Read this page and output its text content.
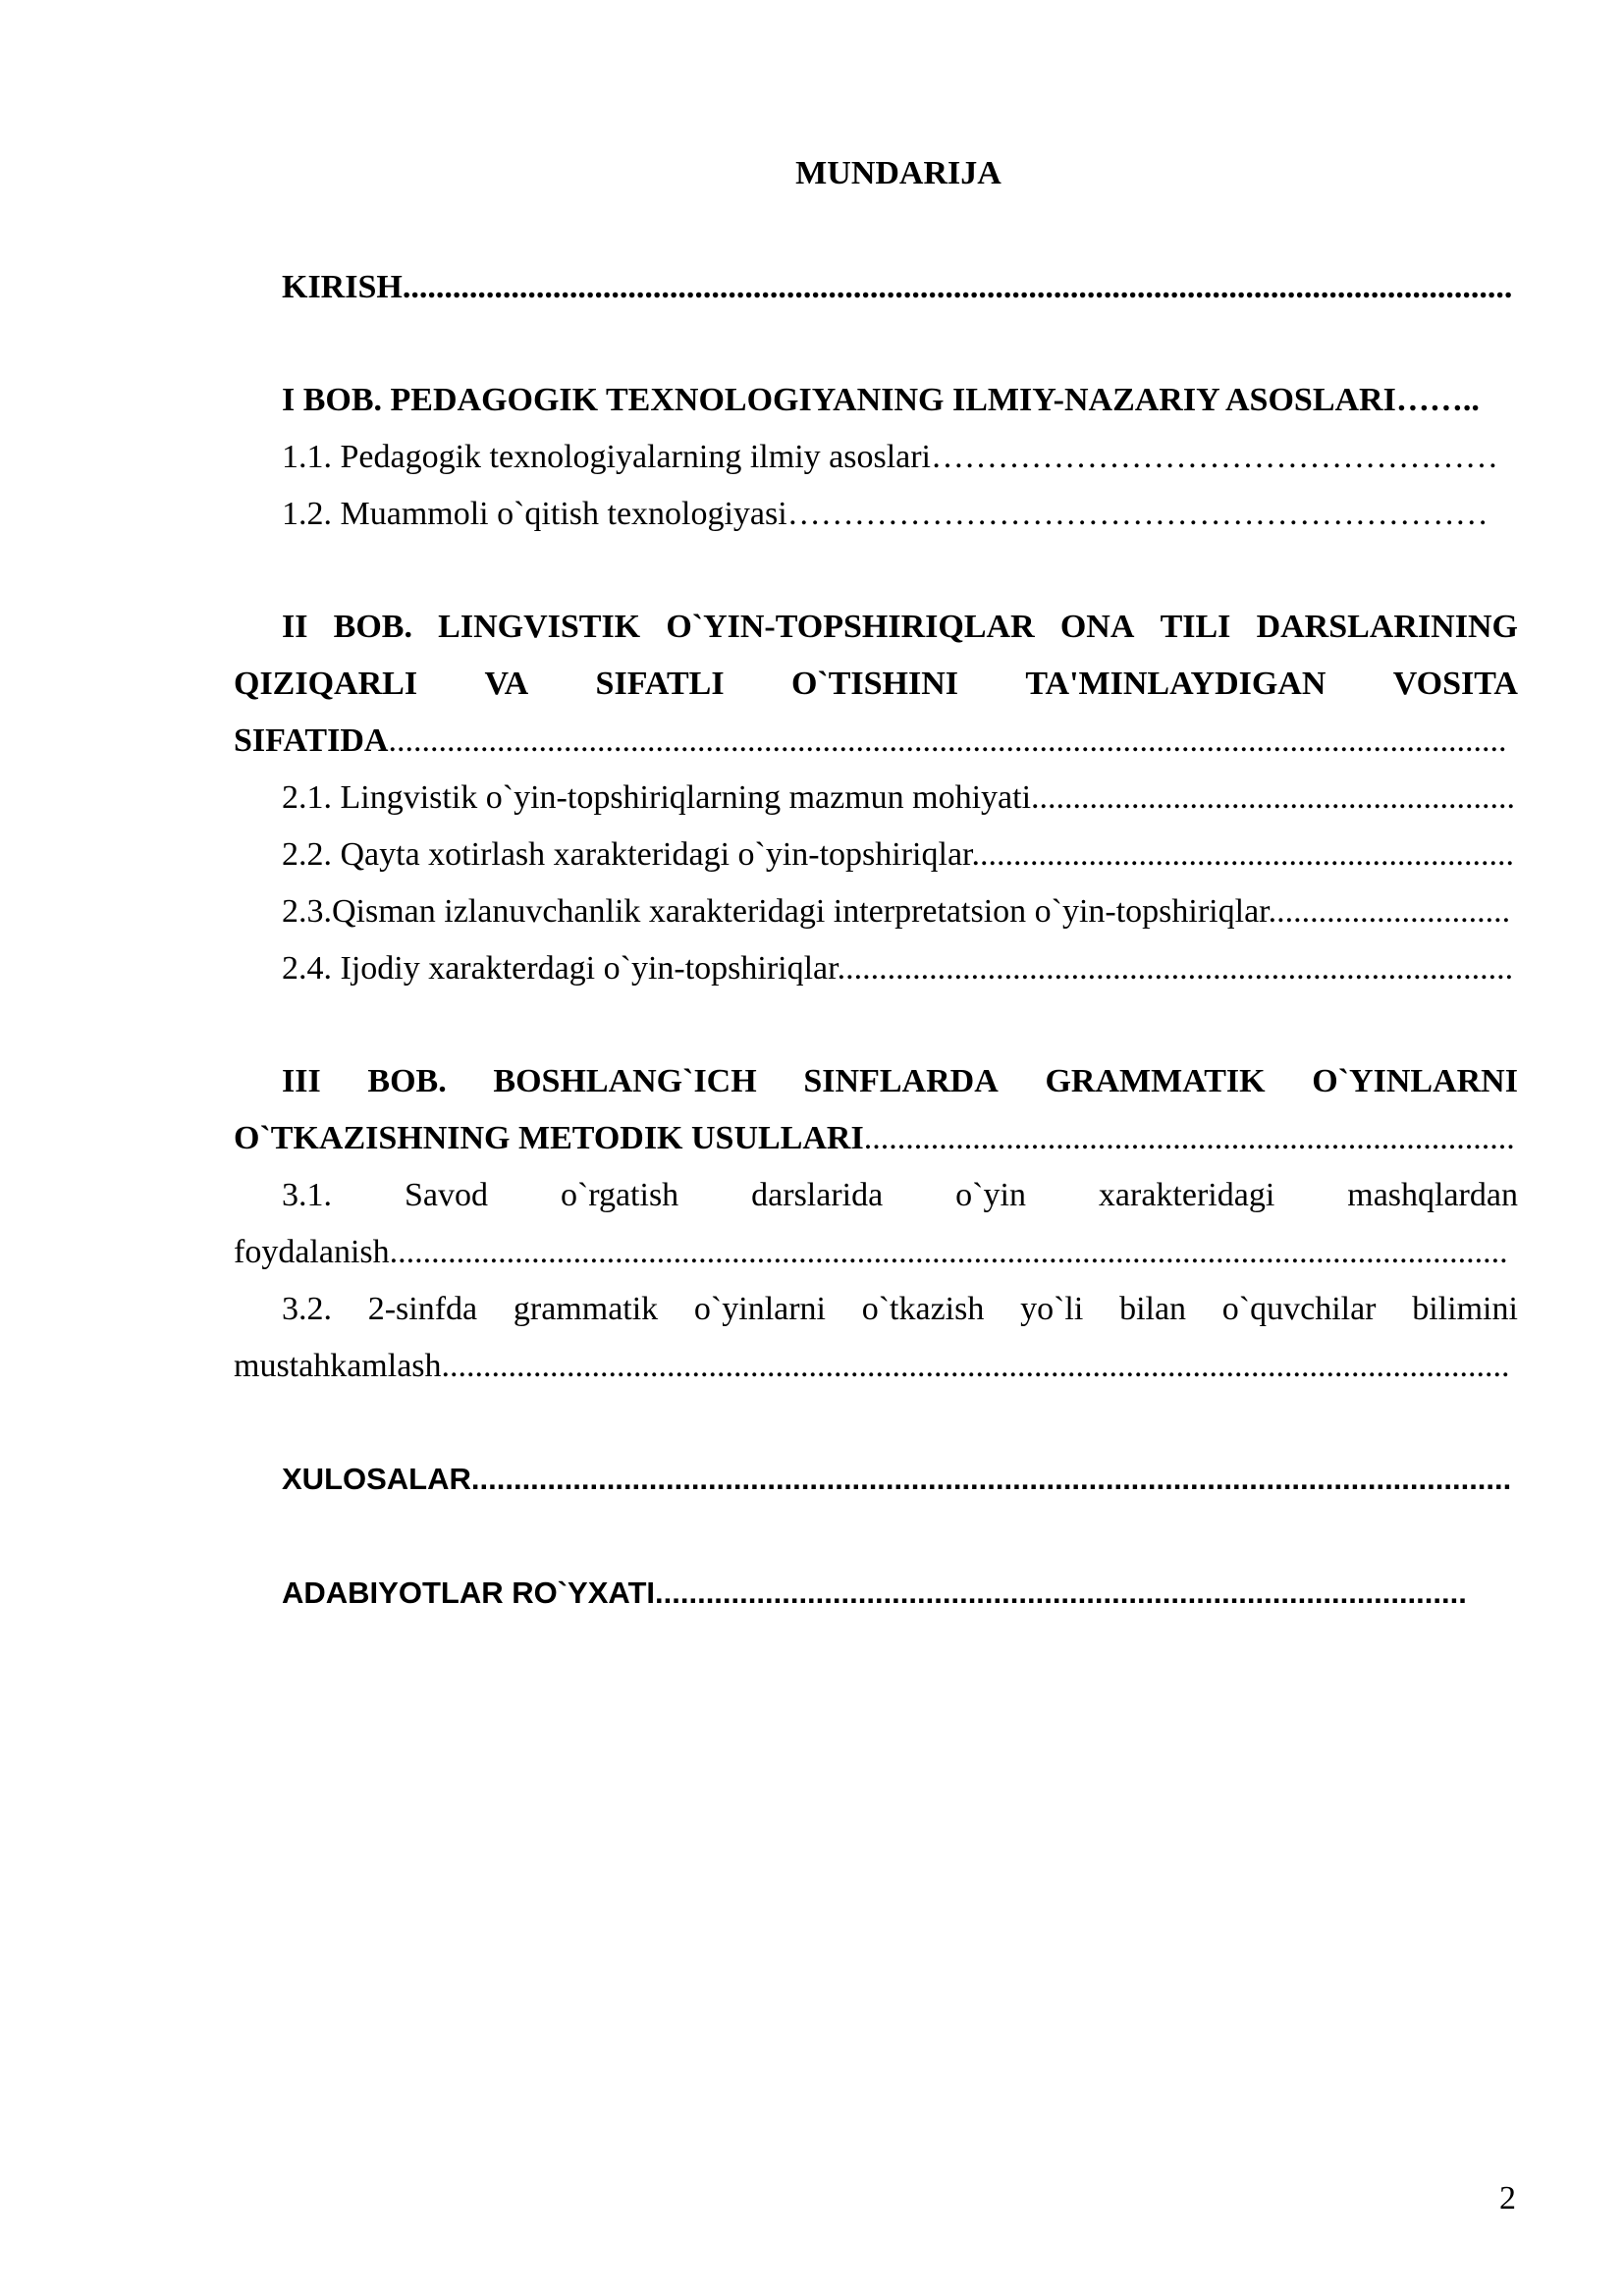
MUNDARIJA
KIRISH.....................................................................................................................................
I BOB. PEDAGOGIK TEXNOLOGIYANING ILMIY-NAZARIY ASOSLARI……..
1.1. Pedagogik texnologiyalarning ilmiy asoslari……………………………………………
1.2. Muammoli o`qitish texnologiyasi………………………………………………………
II BOB. LINGVISTIK O`YIN-TOPSHIRIQLAR ONA TILI DARSLARINING
QIZIQARLI VA SIFATLI O`TISHINI TA'MINLAYDIGAN VOSITA
SIFATIDA......................................................................................................................................
2.1. Lingvistik o`yin-topshiriqlarning mazmun mohiyati..........................................................
2.2. Qayta xotirlash xarakteridagi o`yin-topshiriqlar.................................................................
2.3.Qisman izlanuvchanlik xarakteridagi interpretatsion o`yin-topshiriqlar.............................
2.4. Ijodiy xarakterdagi o`yin-topshiriqlar.................................................................................
III BOB. BOSHLANG`ICH SINFLARDA GRAMMATIK O`YINLARNI
O`TKAZISHNING METODIK USULLARI..............................................................................
3.1. Savod o`rgatish darslarida o`yin xarakteridagi mashqlardan
foydalanish......................................................................................................................................
3.2. 2-sinfda grammatik o`yinlarni o`tkazish yo`li bilan o`quvchilar bilimini
mustahkamlash................................................................................................................................
XULOSALAR...........................................................................................................................
ADABIYOTLAR RO`YXATI................................................................................................
2
